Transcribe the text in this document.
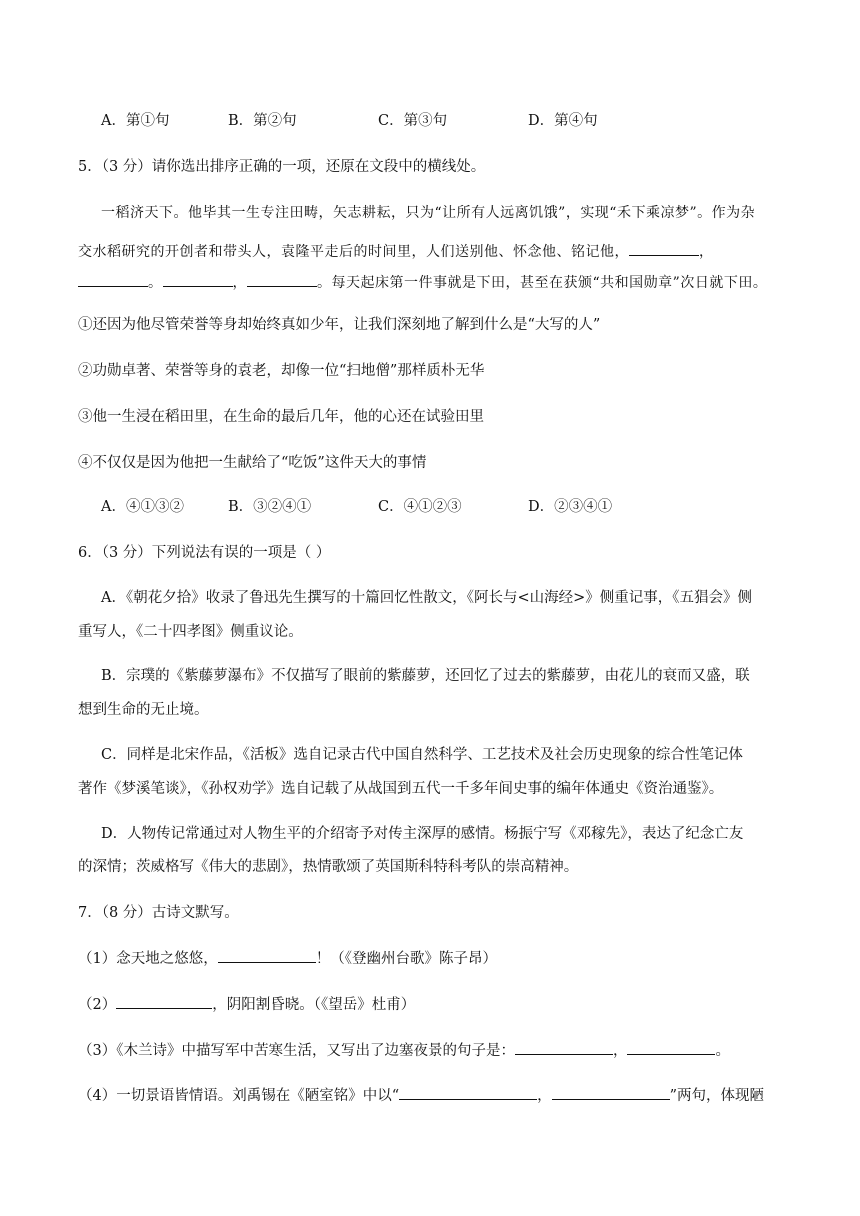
A．第①句	B．第②句	C．第③句	D．第④句
5．（3 分）请你选出排序正确的一项，还原在文段中的横线处。
一稻济天下。他毕其一生专注田畴，矢志耕耘，只为“让所有人远离饥饿”，实现“禾下乘凉梦”。作为杂
交水稻研究的开创者和带头人，袁隆平走后的时间里，人们送别他、怀念他、铭记他，	，
。	，	。每天起床第一件事就是下田，甚至在获颁“共和国勋章”次日就下田。
①还因为他尽管荣誉等身却始终真如少年，让我们深刻地了解到什么是“大写的人”
②功勋卓著、荣誉等身的袁老，却像一位“扫地僧”那样质朴无华
③他一生浸在稻田里，在生命的最后几年，他的心还在试验田里
④不仅仅是因为他把一生献给了“吃饭”这件天大的事情
A．④①③②	B．③②④①	C．④①②③	D．②③④①
6．（3 分）下列说法有误的一项是（ ）
A．《朝花夕拾》收录了鲁迅先生撰写的十篇回忆性散文，《阿长与<山海经>》侧重记事，《五猖会》侧
重写人，《二十四孝图》侧重议论。
B．宗璞的《紫藤萝瀑布》不仅描写了眼前的紫藤萝，还回忆了过去的紫藤萝，由花儿的衰而又盛，联
想到生命的无止境。
C．同样是北宋作品，《活板》选自记录古代中国自然科学、工艺技术及社会历史现象的综合性笔记体
著作《梦溪笔谈》，《孙权劝学》选自记载了从战国到五代一千多年间史事的编年体通史《资治通鉴》。
D．人物传记常通过对人物生平的介绍寄予对传主深厚的感情。杨振宁写《邓稼先》，表达了纪念亡友
的深情；茨威格写《伟大的悲剧》，热情歌颂了英国斯科特科考队的崇高精神。
7．（8 分）古诗文默写。
（1）念天地之悠悠，	！（《登幽州台歌》陈子昂）
（2）	，阴阳割昏晓。（《望岳》杜甫）
（3）《木兰诗》中描写军中苦寒生活，又写出了边塞夜景的句子是：	，	。
（4）一切景语皆情语。刘禹锡在《陋室铭》中以“	，	”两句，体现陋
